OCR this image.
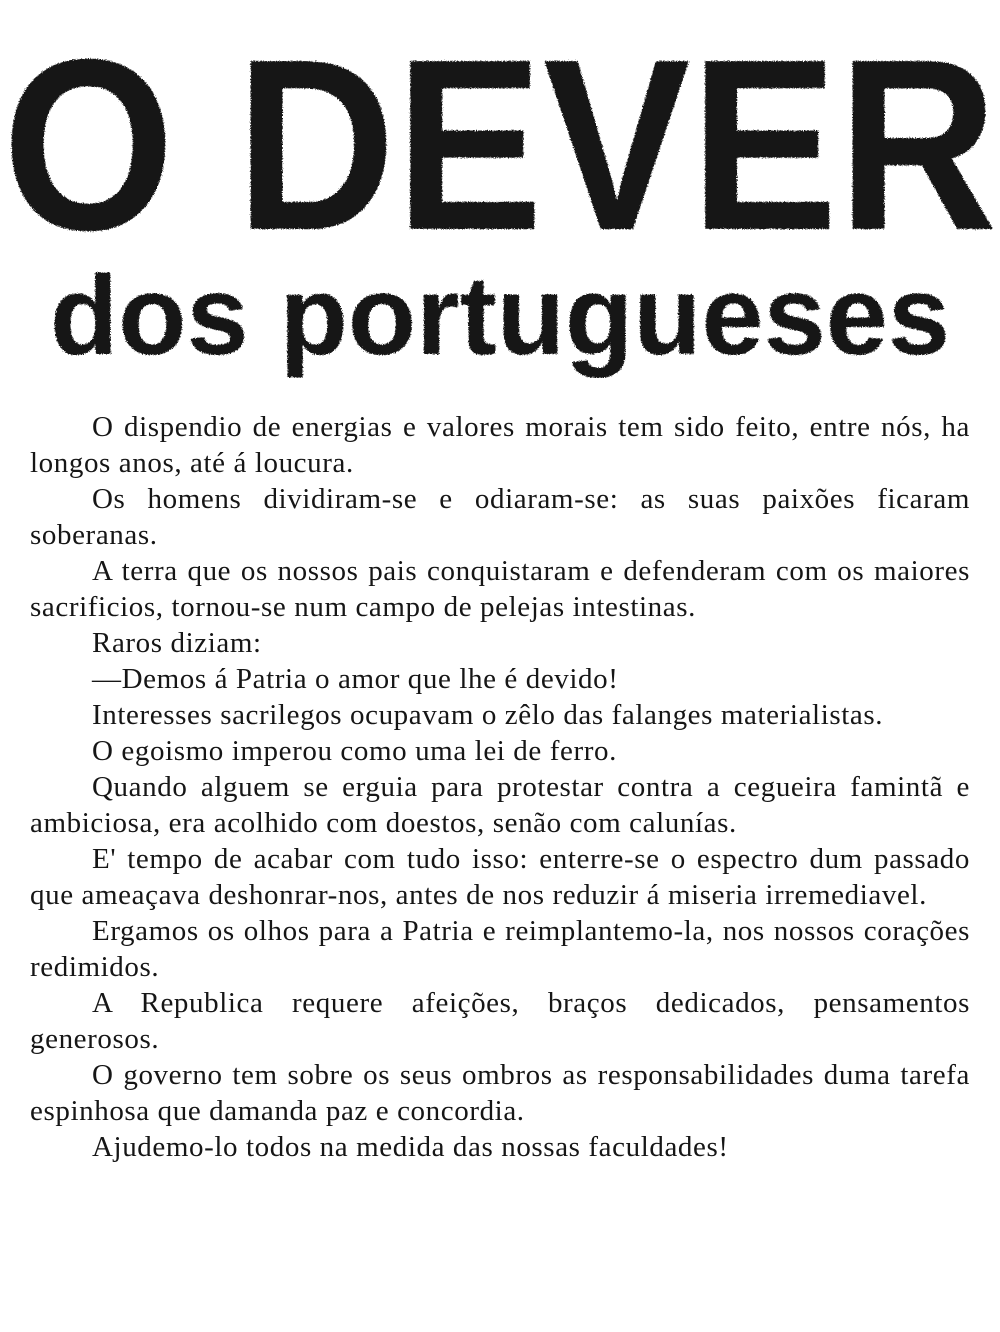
O DEVER
dos portugueses

O dispendio de energias e valores morais tem sido feito, entre nós, ha longos anos, até á loucura.

Os homens dividiram-se e odiaram-se: as suas paixões ficaram soberanas.

A terra que os nossos pais conquistaram e defenderam com os maiores sacrificios, tornou-se num campo de pelejas intestinas.

Raros diziam:

—Demos á Patria o amor que lhe é devido!

Interesses sacrilegos ocupavam o zêlo das falanges materialistas.

O egoismo imperou como uma lei de ferro.

Quando alguem se erguia para protestar contra a cegueira famintã e ambiciosa, era acolhido com doestos, senão com calunías.

E' tempo de acabar com tudo isso: enterre-se o espectro dum passado que ameaçava deshonrar-nos, antes de nos reduzir á miseria irremediavel.

Ergamos os olhos para a Patria e reimplantemo-la, nos nossos corações redimidos.

A Republica requere afeições, braços dedicados, pensamentos generosos.

O governo tem sobre os seus ombros as responsabilidades duma tarefa espinhosa que damanda paz e concordia.

Ajudemo-lo todos na medida das nossas faculdades!
